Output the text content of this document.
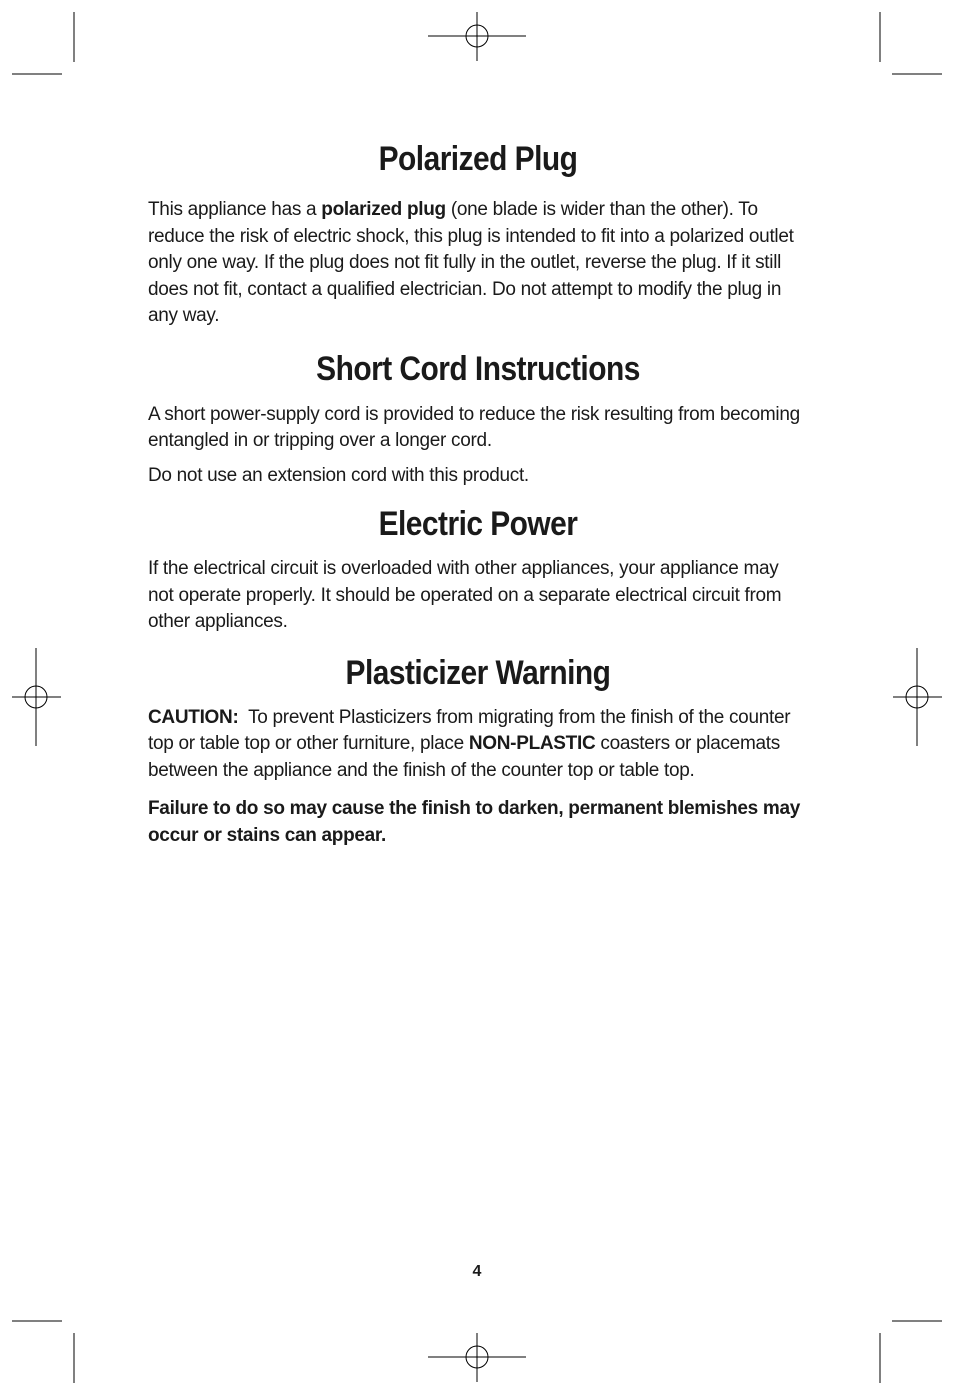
Polarized Plug

This appliance has a polarized plug (one blade is wider than the other). To reduce the risk of electric shock, this plug is intended to fit into a polarized outlet only one way. If the plug does not fit fully in the outlet, reverse the plug. If it still does not fit, contact a qualified electrician. Do not attempt to modify the plug in any way.

Short Cord Instructions

A short power-supply cord is provided to reduce the risk resulting from becoming entangled in or tripping over a longer cord.

Do not use an extension cord with this product.

Electric Power

If the electrical circuit is overloaded with other appliances, your appliance may not operate properly. It should be operated on a separate electrical circuit from other appliances.

Plasticizer Warning

CAUTION:  To prevent Plasticizers from migrating from the finish of the counter top or table top or other furniture, place NON-PLASTIC coasters or placemats between the appliance and the finish of the counter top or table top.

Failure to do so may cause the finish to darken, permanent blemishes may occur or stains can appear.

4
